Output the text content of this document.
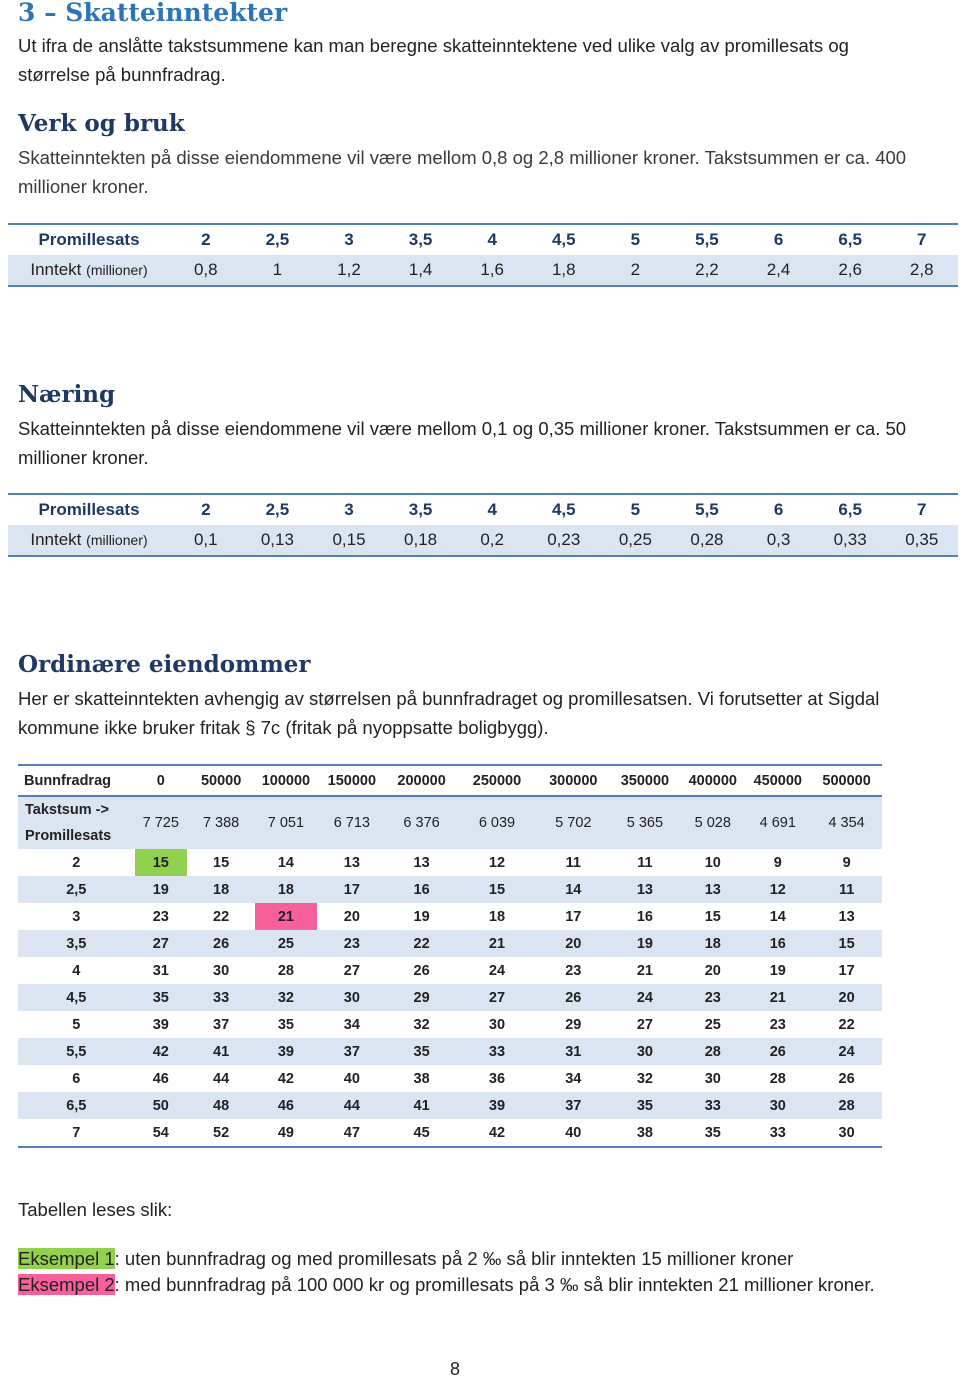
3 – Skatteinntekter
Ut ifra de anslåtte takstsummene kan man beregne skatteinntektene ved ulike valg av promillesats og størrelse på bunnfradrag.
Verk og bruk
Skatteinntekten på disse eiendommene vil være mellom 0,8 og 2,8 millioner kroner. Takstsummen er ca. 400 millioner kroner.
Promillesats	2	2,5	3	3,5	4	4,5	5	5,5	6	6,5	7
Inntekt (millioner)	0,8	1	1,2	1,4	1,6	1,8	2	2,2	2,4	2,6	2,8
Næring
Skatteinntekten på disse eiendommene vil være mellom 0,1 og 0,35 millioner kroner. Takstsummen er ca. 50 millioner kroner.
Promillesats	2	2,5	3	3,5	4	4,5	5	5,5	6	6,5	7
Inntekt (millioner)	0,1	0,13	0,15	0,18	0,2	0,23	0,25	0,28	0,3	0,33	0,35
Ordinære eiendommer
Her er skatteinntekten avhengig av størrelsen på bunnfradraget og promillesatsen. Vi forutsetter at Sigdal kommune ikke bruker fritak § 7c (fritak på nyoppsatte boligbygg).
Bunnfradrag	0	50000	100000	150000	200000	250000	300000	350000	400000	450000	500000

Takstsum ->
Promillesats	7 725	7 388	7 051	6 713	6 376	6 039	5 702	5 365	5 028	4 691	4 354
2	15	15	14	13	13	12	11	11	10	9	9
2,5	19	18	18	17	16	15	14	13	13	12	11
3	23	22	21	20	19	18	17	16	15	14	13
3,5	27	26	25	23	22	21	20	19	18	16	15
4	31	30	28	27	26	24	23	21	20	19	17
4,5	35	33	32	30	29	27	26	24	23	21	20
5	39	37	35	34	32	30	29	27	25	23	22
5,5	42	41	39	37	35	33	31	30	28	26	24
6	46	44	42	40	38	36	34	32	30	28	26
6,5	50	48	46	44	41	39	37	35	33	30	28
7	54	52	49	47	45	42	40	38	35	33	30
Tabellen leses slik:
Eksempel 1: uten bunnfradrag og med promillesats på 2 ‰ så blir inntekten 15 millioner kroner
Eksempel 2: med bunnfradrag på 100 000 kr og promillesats på 3 ‰ så blir inntekten 21 millioner kroner.
8
